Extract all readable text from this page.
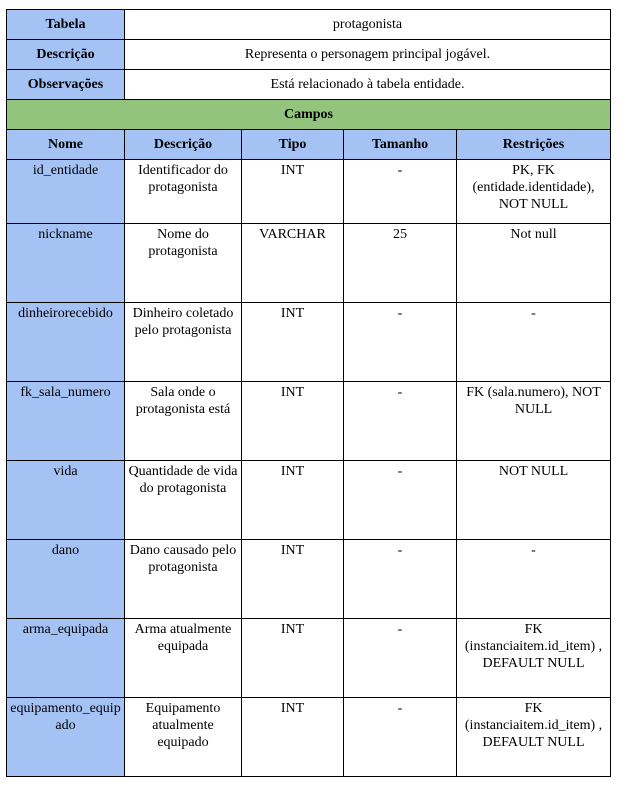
Tabela	protagonista			
Descrição	Representa o personagem principal jogável.			
Observações	Está relacionado à tabela entidade.			
Campos				
Nome	Descrição	Tipo	Tamanho	Restrições
id_entidade	Identificador do protagonista	INT	-	PK, FK (entidade.identidade), NOT NULL
nickname	Nome do protagonista	VARCHAR	25	Not null
dinheirorecebido	Dinheiro coletado pelo protagonista	INT	-	-
fk_sala_numero	Sala onde o protagonista está	INT	-	FK (sala.numero), NOT NULL
vida	Quantidade de vida do protagonista	INT	-	NOT NULL
dano	Dano causado pelo protagonista	INT	-	-
arma_equipada	Arma atualmente equipada	INT	-	FK (instanciaitem.id_item) , DEFAULT NULL
equipamento_equipado	Equipamento atualmente equipado	INT	-	FK (instanciaitem.id_item) , DEFAULT NULL
